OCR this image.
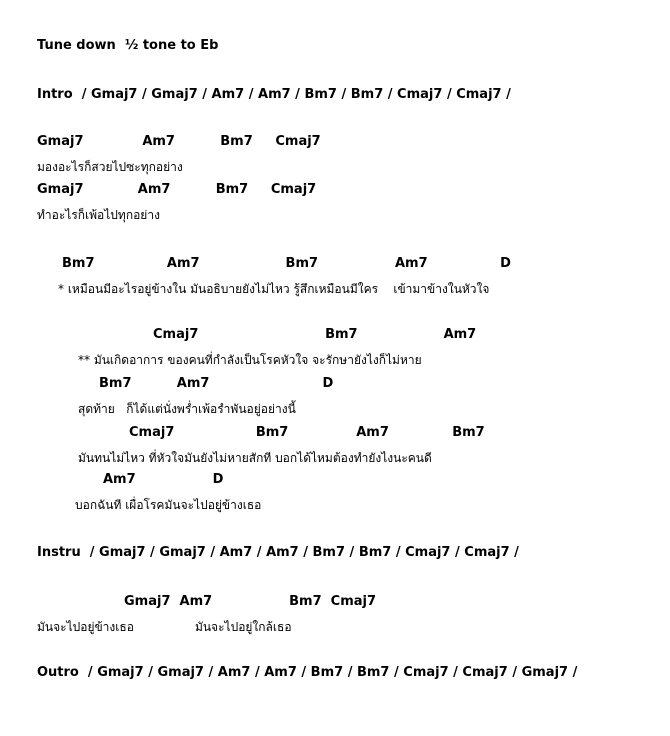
Tune down  ½ tone to Eb
Intro  / Gmaj7 / Gmaj7 / Am7 / Am7 / Bm7 / Bm7 / Cmaj7 / Cmaj7 /
Gmaj7             Am7          Bm7     Cmaj7
มองอะไรก็สวยไปซะทุกอย่าง
Gmaj7            Am7          Bm7     Cmaj7
ทำอะไรก็เพ้อไปทุกอย่าง
Bm7                Am7                   Bm7                 Am7                D
* เหมือนมีอะไรอยู่ข้างใน มันอธิบายยังไม่ไหว รู้สึกเหมือนมีใคร    เข้ามาข้างในหัวใจ
Cmaj7                            Bm7                   Am7
** มันเกิดอาการ ของคนที่กำลังเป็นโรคหัวใจ จะรักษายังไงก็ไม่หาย
Bm7          Am7                         D
สุดท้าย   ก็ได้แต่นั่งพร่ำเพ้อรำพันอยู่อย่างนี้
Cmaj7                  Bm7               Am7              Bm7
มันทนไม่ไหว ที่หัวใจมันยังไม่หายสักที บอกได้ไหมต้องทำยังไงนะคนดี
Am7                 D
บอกฉันที เผื่อโรคมันจะไปอยู่ข้างเธอ
Instru  / Gmaj7 / Gmaj7 / Am7 / Am7 / Bm7 / Bm7 / Cmaj7 / Cmaj7 /
Gmaj7  Am7                 Bm7  Cmaj7
มันจะไปอยู่ข้างเธอ                มันจะไปอยู่ใกล้เธอ
Outro  / Gmaj7 / Gmaj7 / Am7 / Am7 / Bm7 / Bm7 / Cmaj7 / Cmaj7 / Gmaj7 /
